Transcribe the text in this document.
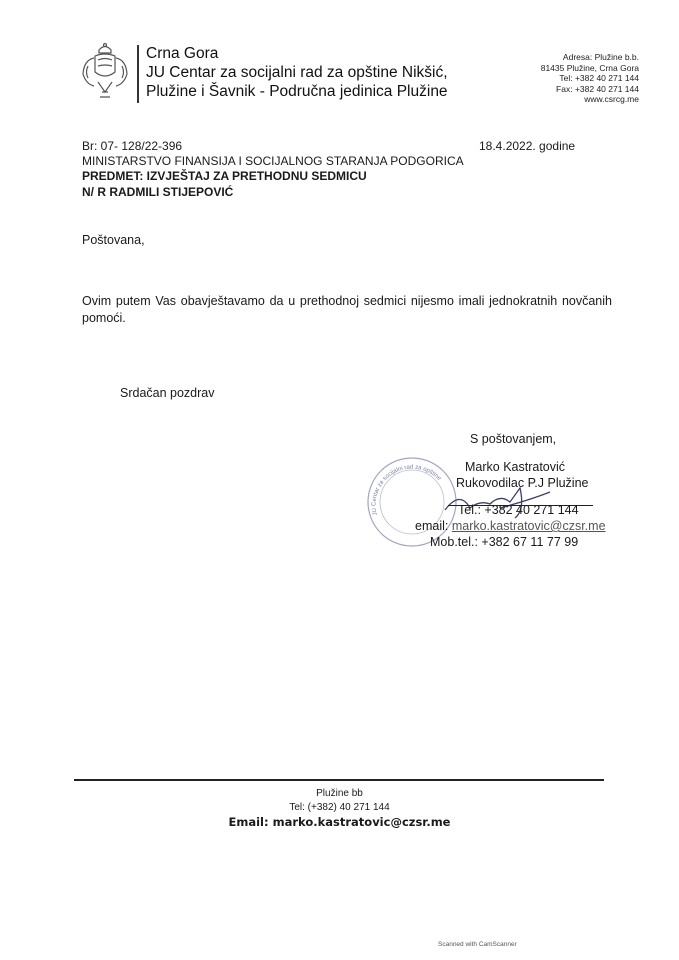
Crna Gora
JU Centar za socijalni rad za opštine Nikšić,
Plužine i Šavnik - Područna jedinica Plužine
Adresa: Plužine b.b.
81435 Plužine, Crna Gora
Tel: +382 40 271 144
Fax: +382 40 271 144
www.csrcg.me
Br: 07- 128/22-396	18.4.2022. godine
MINISTARSTVO FINANSIJA I SOCIJALNOG STARANJA PODGORICA
PREDMET: IZVJEŠTAJ ZA PRETHODNU SEDMICU
N/ R RADMILI STIJEPOVIĆ
Poštovana,
Ovim putem Vas obavještavamo da u prethodnoj sedmici nijesmo imali jednokratnih novčanih pomoći.
Srdačan pozdrav
JU Centar za socijalni rad za opštine
S poštovanjem,
Marko Kastratović
Rukovodilac P.J Plužine
Tel.: +382 40 271 144
email: marko.kastratovic@czsr.me
Mob.tel.: +382 67 11 77 99
Plužine bb
Tel: (+382) 40 271 144
Email: marko.kastratovic@czsr.me
Scanned with CamScanner
